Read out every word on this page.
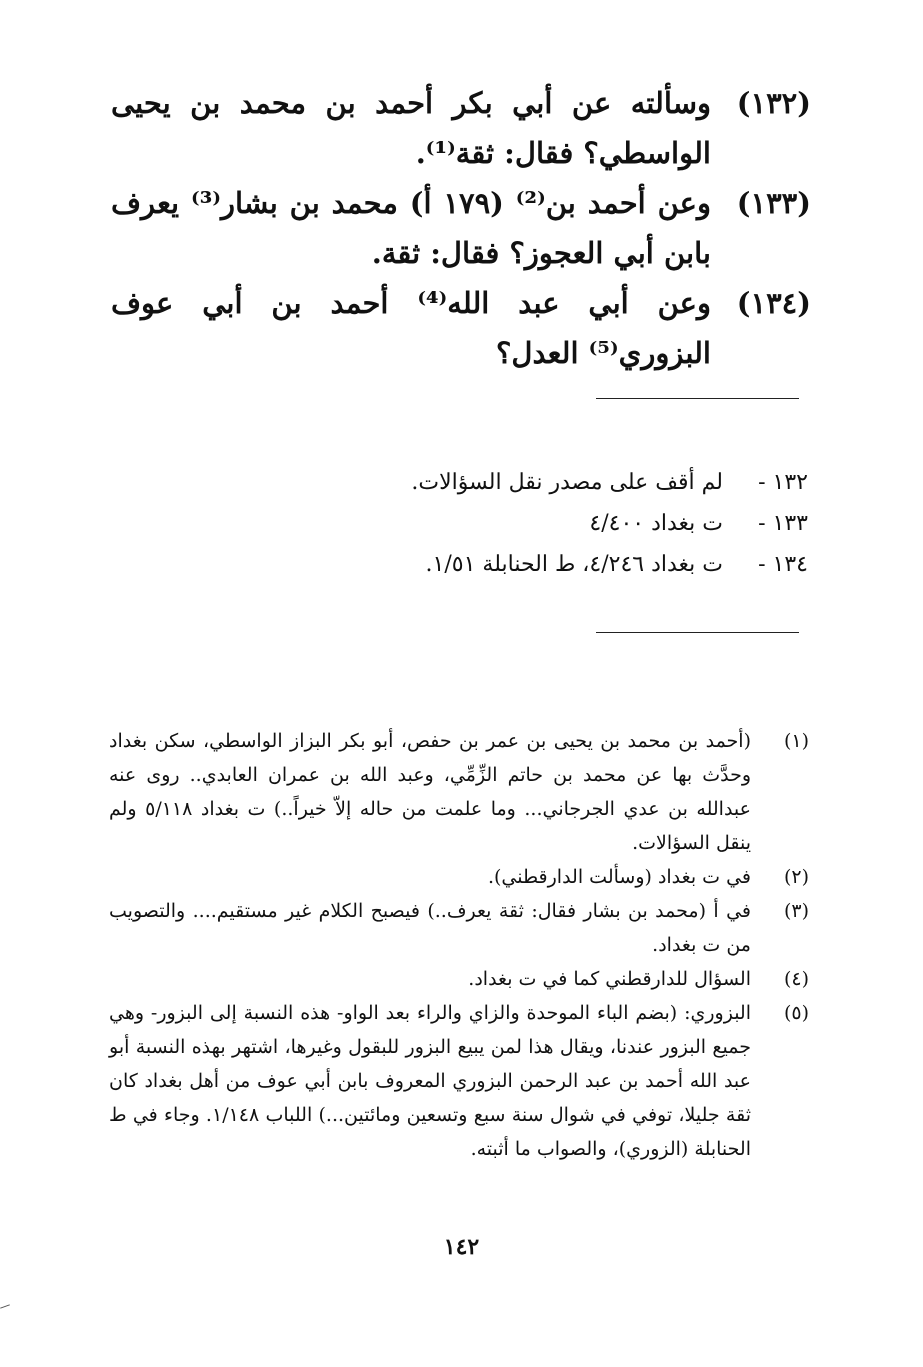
(١٣٢)
وسألته عن أبي بكر أحمد بن محمد بن يحيى الواسطي؟ فقال: ثقة⁽¹⁾.
(١٣٣)
وعن أحمد بن⁽²⁾ (١٧٩ أ) محمد بن بشار⁽³⁾ يعرف بابن أبي العجوز؟ فقال: ثقة.
(١٣٤)
وعن أبي عبد الله⁽⁴⁾ أحمد بن أبي عوف البزوري⁽⁵⁾ العدل؟
١٣٢ -
لم أقف على مصدر نقل السؤالات.
١٣٣ -
ت بغداد ٤/٤٠٠
١٣٤ -
ت بغداد ٤/٢٤٦، ط الحنابلة ١/٥١.
(١)
(أحمد بن محمد بن يحيى بن عمر بن حفص، أبو بكر البزاز الواسطي، سكن بغداد وحدَّث بها عن محمد بن حاتم الزِّمِّي، وعبد الله بن عمران العابدي.. روى عنه عبدالله بن عدي الجرجاني... وما علمت من حاله إلاّ خيراً..) ت بغداد ٥/١١٨ ولم ينقل السؤالات.
(٢)
في ت بغداد (وسألت الدارقطني).
(٣)
في أ (محمد بن بشار فقال: ثقة يعرف..) فيصبح الكلام غير مستقيم.... والتصويب من ت بغداد.
(٤)
السؤال للدارقطني كما في ت بغداد.
(٥)
البزوري: (بضم الباء الموحدة والزاي والراء بعد الواو- هذه النسبة إلى البزور- وهي جميع البزور عندنا، ويقال هذا لمن يبيع البزور للبقول وغيرها، اشتهر بهذه النسبة أبو عبد الله أحمد بن عبد الرحمن البزوري المعروف بابن أبي عوف من أهل بغداد كان ثقة جليلا، توفي في شوال سنة سبع وتسعين ومائتين...) اللباب ١/١٤٨. وجاء في ط الحنابلة (الزوري)، والصواب ما أثبته.
١٤٢
